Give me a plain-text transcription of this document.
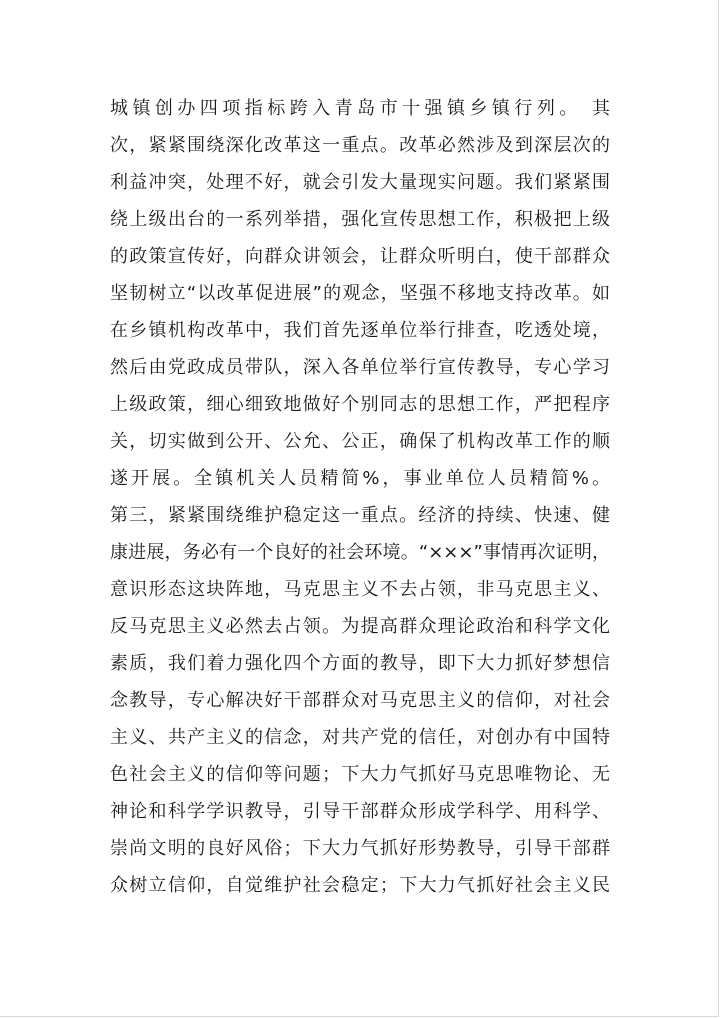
城镇创办四项指标跨入青岛市十强镇乡镇行列。 其
次，紧紧围绕深化改革这一重点。改革必然涉及到深层次的
利益冲突，处理不好，就会引发大量现实问题。我们紧紧围
绕上级出台的一系列举措，强化宣传思想工作，积极把上级
的政策宣传好，向群众讲领会，让群众听明白，使干部群众
坚韧树立“以改革促进展”的观念，坚强不移地支持改革。如
在乡镇机构改革中，我们首先逐单位举行排查，吃透处境，
然后由党政成员带队，深入各单位举行宣传教导，专心学习
上级政策，细心细致地做好个别同志的思想工作，严把程序
关，切实做到公开、公允、公正，确保了机构改革工作的顺
遂开展。全镇机关人员精简%，事业单位人员精简%。
第三，紧紧围绕维护稳定这一重点。经济的持续、快速、健
康进展，务必有一个良好的社会环境。“×××”事情再次证明，
意识形态这块阵地，马克思主义不去占领，非马克思主义、
反马克思主义必然去占领。为提高群众理论政治和科学文化
素质，我们着力强化四个方面的教导，即下大力抓好梦想信
念教导，专心解决好干部群众对马克思主义的信仰，对社会
主义、共产主义的信念，对共产党的信任，对创办有中国特
色社会主义的信仰等问题；下大力气抓好马克思唯物论、无
神论和科学学识教导，引导干部群众形成学科学、用科学、
崇尚文明的良好风俗；下大力气抓好形势教导，引导干部群
众树立信仰，自觉维护社会稳定；下大力气抓好社会主义民
